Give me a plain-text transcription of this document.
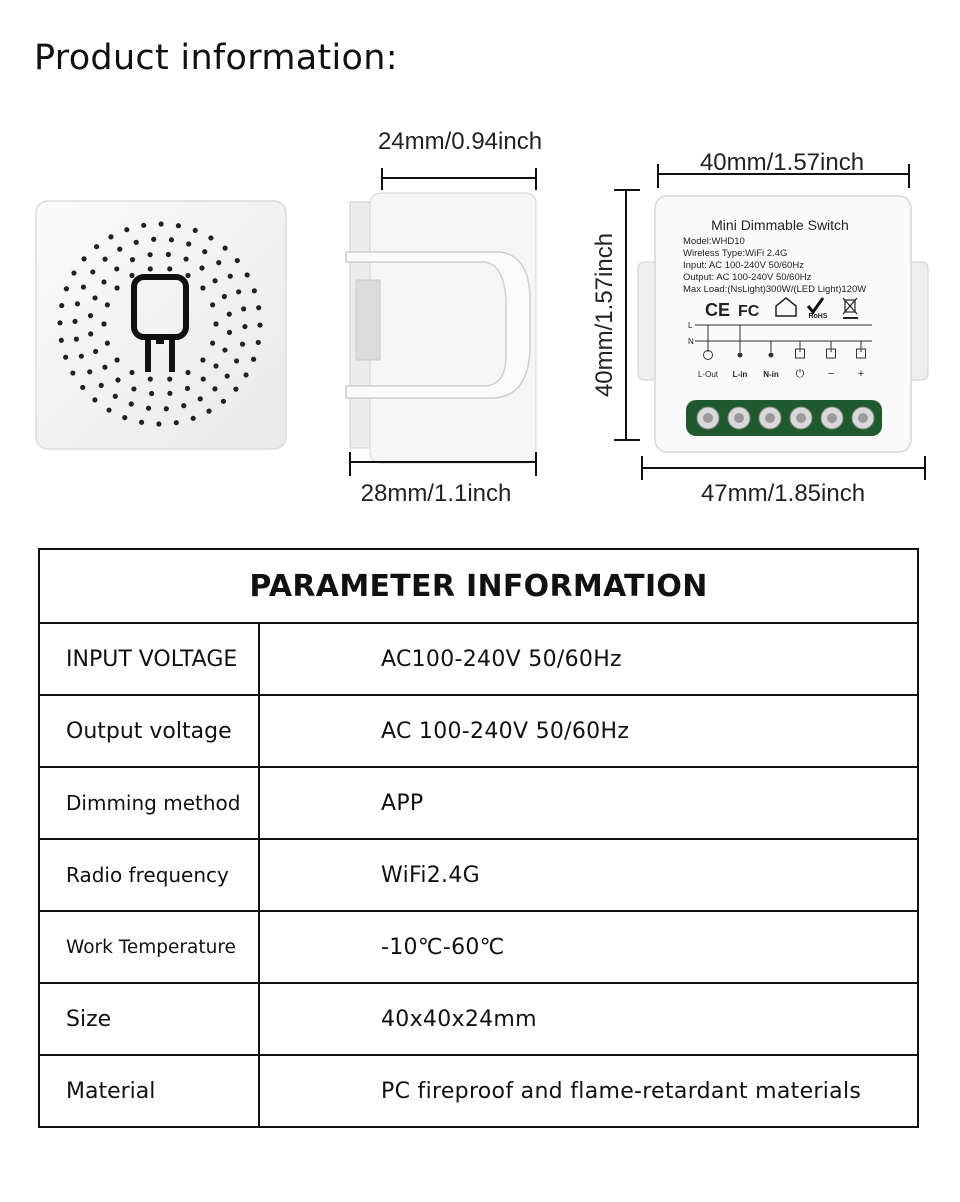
Product information:
24mm/0.94inch
28mm/1.1inch
40mm/1.57inch
40mm/1.57inch
Mini Dimmable Switch
Model:WHD10
Wireless Type:WiFi 2.4G
Input: AC 100-240V 50/60Hz
Output: AC 100-240V 50/60Hz
Max Load:(NsLight)300W/(LED Light)120W
CE FC	RoHS
L
N
L-Out L-in N-in ⏻ − +
47mm/1.85inch
PARAMETER INFORMATION	
INPUT VOLTAGE	AC100-240V 50/60Hz
Output voltage	AC 100-240V 50/60Hz
Dimming method	APP
Radio frequency	WiFi2.4G
Work Temperature	-10℃-60℃
Size	40x40x24mm
Material	PC fireproof and flame-retardant materials
